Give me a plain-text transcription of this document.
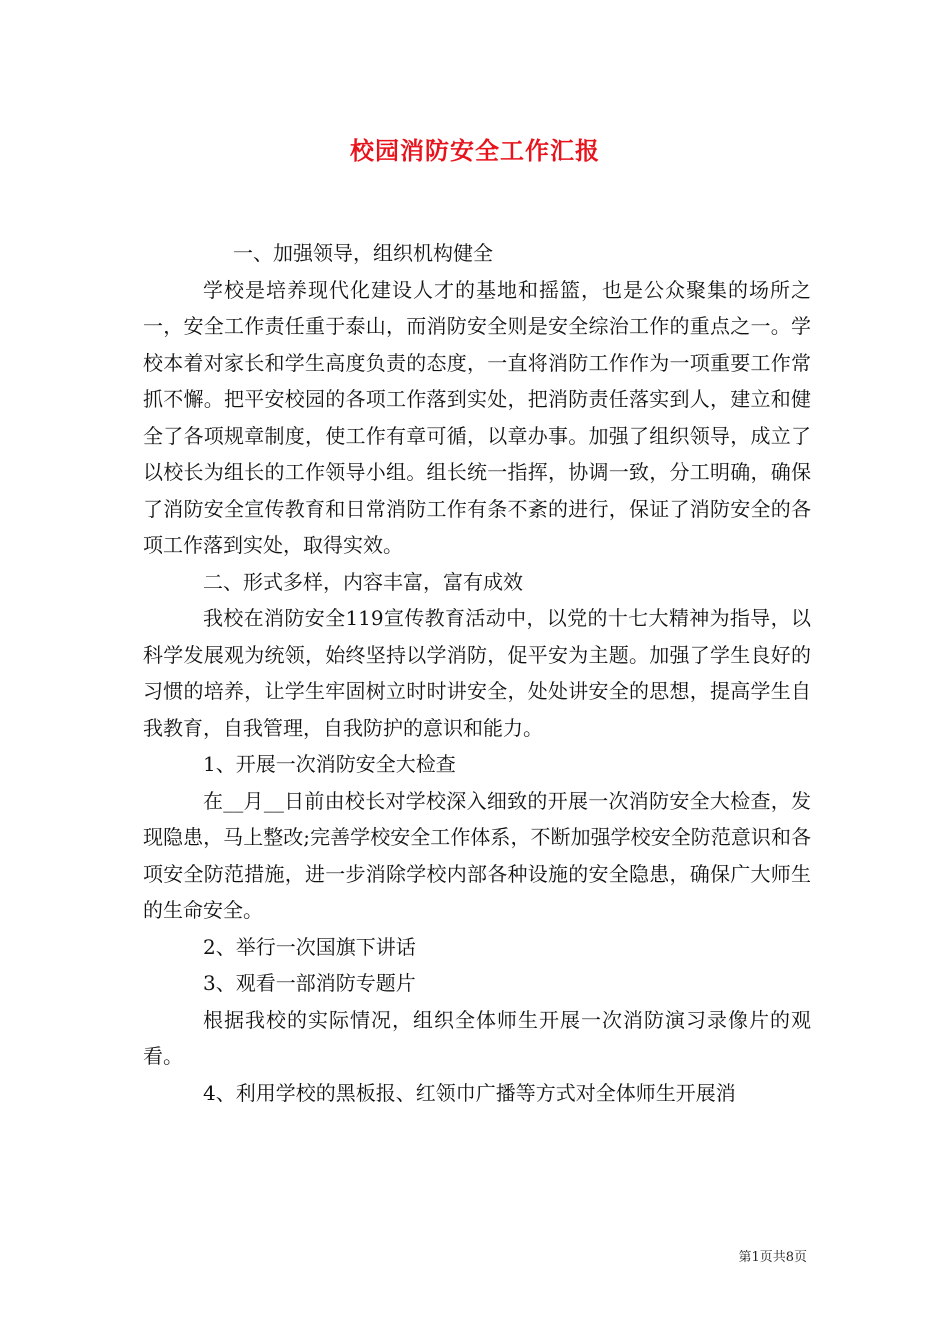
校园消防安全工作汇报

一、加强领导，组织机构健全

学校是培养现代化建设人才的基地和摇篮，也是公众聚集的场所之一，安全工作责任重于泰山，而消防安全则是安全综治工作的重点之一。学校本着对家长和学生高度负责的态度，一直将消防工作作为一项重要工作常抓不懈。把平安校园的各项工作落到实处，把消防责任落实到人，建立和健全了各项规章制度，使工作有章可循，以章办事。加强了组织领导，成立了以校长为组长的工作领导小组。组长统一指挥，协调一致，分工明确，确保了消防安全宣传教育和日常消防工作有条不紊的进行，保证了消防安全的各项工作落到实处，取得实效。

二、形式多样，内容丰富，富有成效

我校在消防安全119宣传教育活动中，以党的十七大精神为指导，以科学发展观为统领，始终坚持以学消防，促平安为主题。加强了学生良好的习惯的培养，让学生牢固树立时时讲安全，处处讲安全的思想，提高学生自我教育，自我管理，自我防护的意识和能力。

1、开展一次消防安全大检查

在__月__日前由校长对学校深入细致的开展一次消防安全大检查，发现隐患，马上整改;完善学校安全工作体系，不断加强学校安全防范意识和各项安全防范措施，进一步消除学校内部各种设施的安全隐患，确保广大师生的生命安全。

2、举行一次国旗下讲话

3、观看一部消防专题片

根据我校的实际情况，组织全体师生开展一次消防演习录像片的观看。

4、利用学校的黑板报、红领巾广播等方式对全体师生开展消

第1页共8页
